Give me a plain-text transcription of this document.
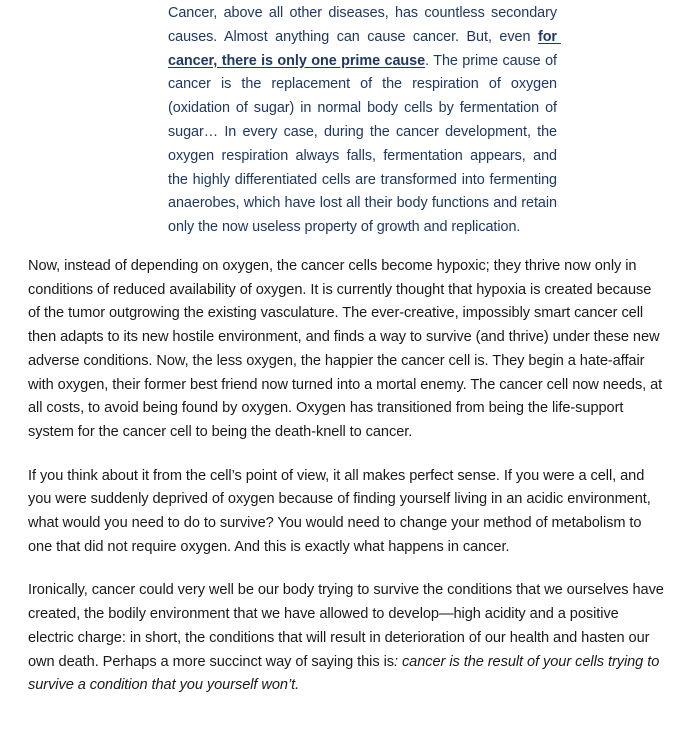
Cancer, above all other diseases, has countless secondary causes. Almost anything can cause cancer. But, even for cancer, there is only one prime cause. The prime cause of cancer is the replacement of the respiration of oxygen (oxidation of sugar) in normal body cells by fermentation of sugar… In every case, during the cancer development, the oxygen respiration always falls, fermentation appears, and the highly differentiated cells are transformed into fermenting anaerobes, which have lost all their body functions and retain only the now useless property of growth and replication.

Now, instead of depending on oxygen, the cancer cells become hypoxic; they thrive now only in conditions of reduced availability of oxygen. It is currently thought that hypoxia is created because of the tumor outgrowing the existing vasculature. The ever-creative, impossibly smart cancer cell then adapts to its new hostile environment, and finds a way to survive (and thrive) under these new adverse conditions. Now, the less oxygen, the happier the cancer cell is. They begin a hate-affair with oxygen, their former best friend now turned into a mortal enemy. The cancer cell now needs, at all costs, to avoid being found by oxygen. Oxygen has transitioned from being the life-support system for the cancer cell to being the death-knell to cancer.

If you think about it from the cell’s point of view, it all makes perfect sense. If you were a cell, and you were suddenly deprived of oxygen because of finding yourself living in an acidic environment, what would you need to do to survive? You would need to change your method of metabolism to one that did not require oxygen. And this is exactly what happens in cancer.

Ironically, cancer could very well be our body trying to survive the conditions that we ourselves have created, the bodily environment that we have allowed to develop—high acidity and a positive electric charge: in short, the conditions that will result in deterioration of our health and hasten our own death. Perhaps a more succinct way of saying this is: cancer is the result of your cells trying to survive a condition that you yourself won’t.
